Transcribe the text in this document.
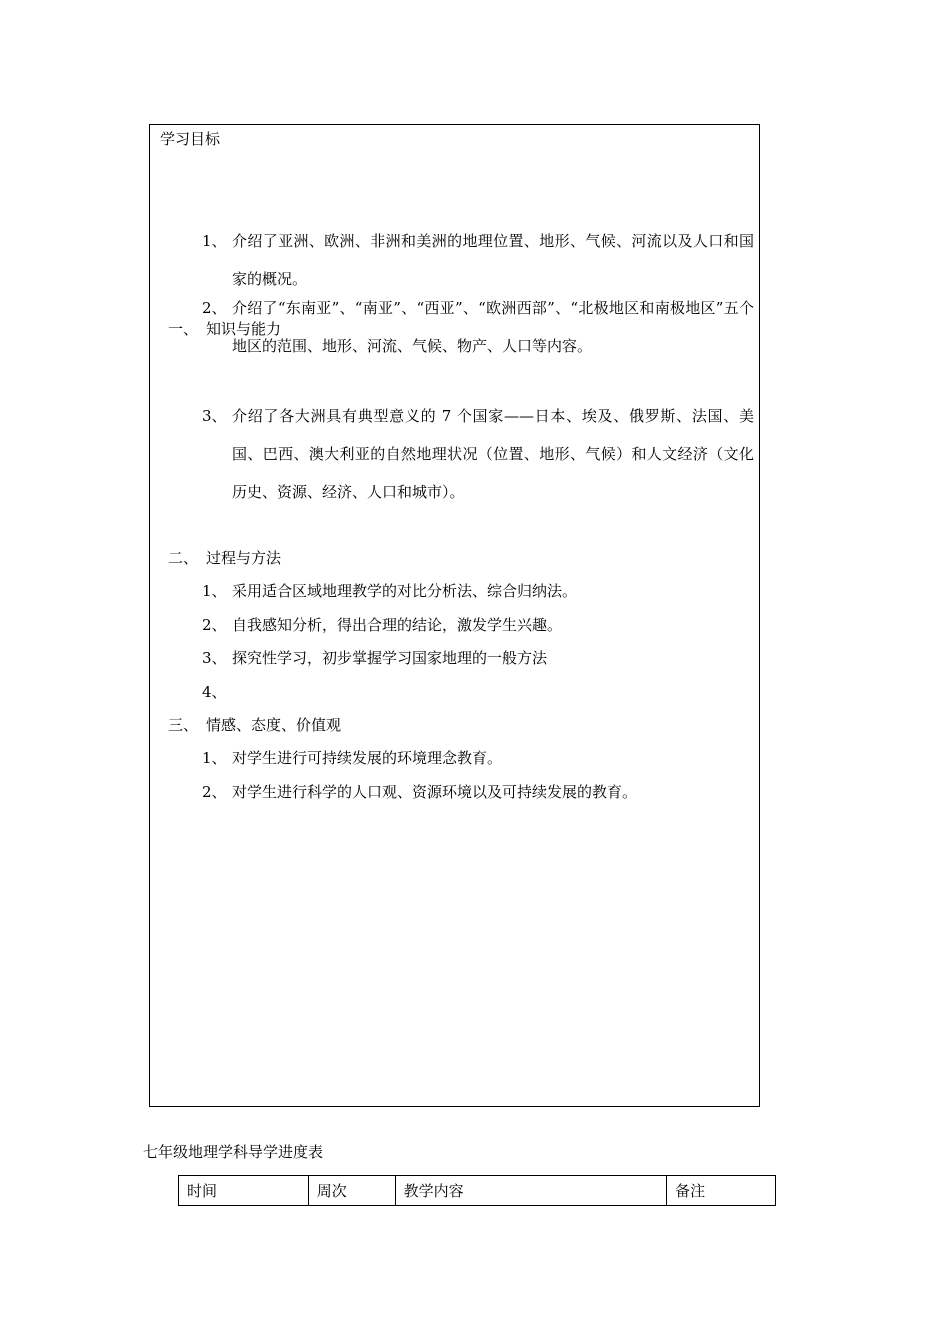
学习目标
一、 知识与能力
1、 介绍了亚洲、欧洲、非洲和美洲的地理位置、地形、气候、河流以及人口和国家的概况。
2、 介绍了“东南亚”、“南亚”、“西亚”、“欧洲西部”、“北极地区和南极地区”五个地区的范围、地形、河流、气候、物产、人口等内容。
3、 介绍了各大洲具有典型意义的 7 个国家——日本、埃及、俄罗斯、法国、美国、巴西、澳大利亚的自然地理状况（位置、地形、气候）和人文经济（文化历史、资源、经济、人口和城市）。
二、 过程与方法
1、 采用适合区域地理教学的对比分析法、综合归纳法。
2、 自我感知分析，得出合理的结论，激发学生兴趣。
3、 探究性学习，初步掌握学习国家地理的一般方法
4、
三、 情感、态度、价值观
1、 对学生进行可持续发展的环境理念教育。
2、 对学生进行科学的人口观、资源环境以及可持续发展的教育。
七年级地理学科导学进度表
时间	周次	教学内容	备注
